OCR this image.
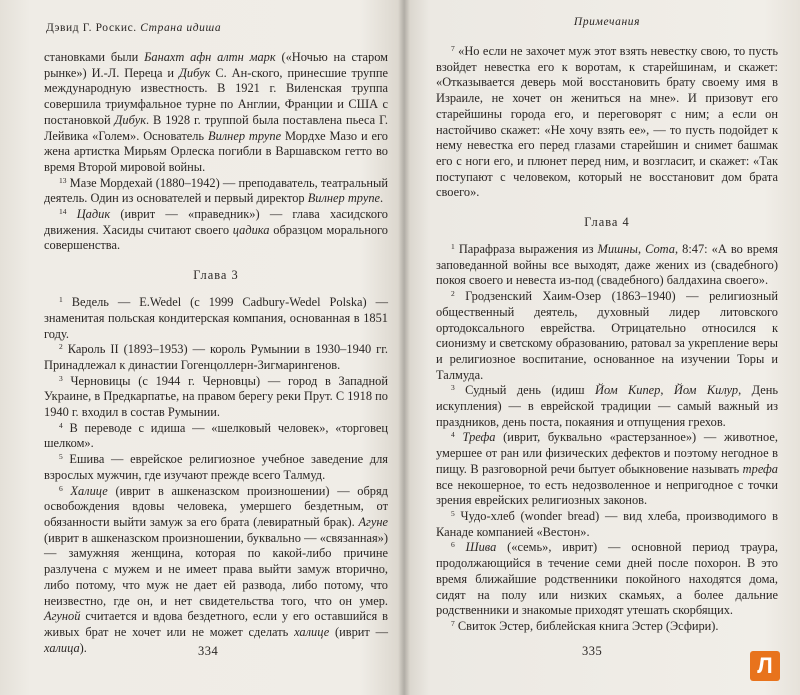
Дэвид Г. Роскис. Страна идиша

становками были Банахт афн алтн марк («Ночью на старом рынке») И.-Л. Переца и Дибук С. Ан-ского, принесшие труппе международную известность. В 1921 г. Виленская труппа совершила триумфальное турне по Англии, Франции и США с постановкой Дибук. В 1928 г. труппой была поставлена пьеса Г. Лейвика «Голем». Основатель Вилнер трупе Мордхе Мазо и его жена артистка Мирьям Орлеска погибли в Варшавском гетто во время Второй мировой войны.

$^{13}$ Мазе Мордехай (1880–1942) — преподаватель, театральный деятель. Один из основателей и первый директор Вилнер трупе.

$^{14}$ Цадик (иврит — «праведник») — глава хасидского движения. Хасиды считают своего цадика образцом морального совершенства.

Глава 3

$^1$ Ведель — E.Wedel (с 1999 Cadbury-Wedel Polska) — знаменитая польская кондитерская компания, основанная в 1851 году.

$^2$ Кароль II (1893–1953) — король Румынии в 1930–1940 гг. Принадлежал к династии Гогенцоллерн-Зигмарингенов.

$^3$ Черновицы (с 1944 г. Черновцы) — город в Западной Украине, в Предкарпатье, на правом берегу реки Прут. С 1918 по 1940 г. входил в состав Румынии.

$^4$ В переводе с идиша — «шелковый человек», «торговец шелком».

$^5$ Ешива — еврейское религиозное учебное заведение для взрослых мужчин, где изучают прежде всего Талмуд.

$^6$ Халице (иврит в ашкеназском произношении) — обряд освобождения вдовы человека, умершего бездетным, от обязанности выйти замуж за его брата (левиратный брак). Агуне (иврит в ашкеназском произношении, буквально — «связанная») — замужняя женщина, которая по какой-либо причине разлучена с мужем и не имеет права выйти замуж вторично, либо потому, что муж не дает ей развода, либо потому, что неизвестно, где он, и нет свидетельства того, что он умер. Агуной считается и вдова бездетного, если у его оставшийся в живых брат не хочет или не может сделать халице (иврит — халица).	334
Примечания

$^7$ «Но если не захочет муж этот взять невестку свою, то пусть взойдет невестка его к воротам, к старейшинам, и скажет: «Отказывается деверь мой восстановить брату своему имя в Израиле, не хочет он жениться на мне». И призовут его старейшины города его, и переговорят с ним; а если он настойчиво скажет: «Не хочу взять ее», — то пусть подойдет к нему невестка его перед глазами старейшин и снимет башмак его с ноги его, и плюнет перед ним, и возгласит, и скажет: «Так поступают с человеком, который не восстановит дом брата своего».

Глава 4

$^1$ Парафраза выражения из Мишны, Сота, 8:47: «А во время заповеданной войны все выходят, даже жених из (свадебного) покоя своего и невеста из-под (свадебного) балдахина своего».

$^2$ Гродзенский Хаим-Озер (1863–1940) — религиозный общественный деятель, духовный лидер литовского ортодоксального еврейства. Отрицательно относился к сионизму и светскому образованию, ратовал за укрепление веры и религиозное воспитание, основанное на изучении Торы и Талмуда.

$^3$ Судный день (идиш Йом Кипер, Йом Килур, День искупления) — в еврейской традиции — самый важный из праздников, день поста, покаяния и отпущения грехов.

$^4$ Трефа (иврит, буквально «растерзанное») — животное, умершее от ран или физических дефектов и поэтому негодное в пищу. В разговорной речи бытует обыкновение называть трефа все некошерное, то есть недозволенное и непригодное с точки зрения еврейских религиозных законов.

$^5$ Чудо-хлеб (wonder bread) — вид хлеба, производимого в Канаде компанией «Вестон».

$^6$ Шива («семь», иврит) — основной период траура, продолжающийся в течение семи дней после похорон. В это время ближайшие родственники покойного находятся дома, сидят на полу или низких скамьях, а более дальние родственники и знакомые приходят утешать скорбящих.

$^7$ Свиток Эстер, библейская книга Эстер (Эсфири).

335
Л
